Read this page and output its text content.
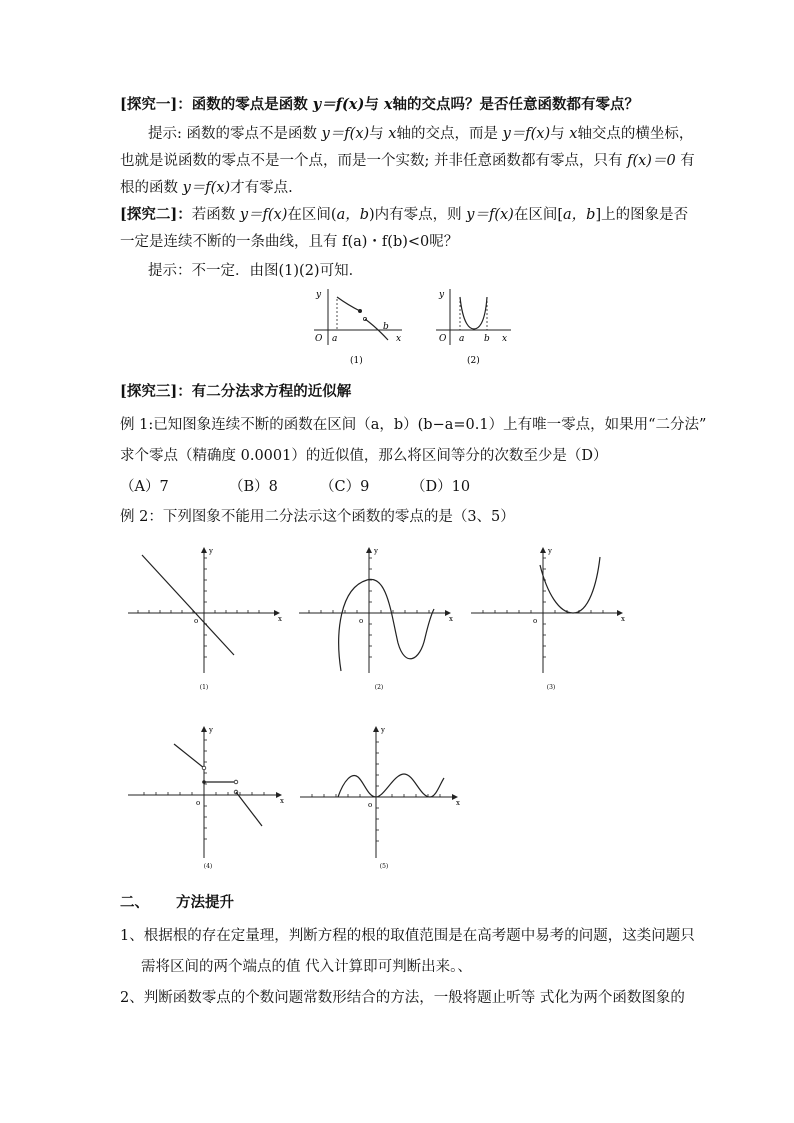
[探究一]：函数的零点是函数 y＝f(x)与 x轴的交点吗？是否任意函数都有零点？
提示: 函数的零点不是函数 y＝f(x)与 x轴的交点，而是 y＝f(x)与 x轴交点的横坐标，
也就是说函数的零点不是一个点，而是一个实数; 并非任意函数都有零点，只有 f(x)＝0 有
根的函数 y＝f(x)才有零点.
[探究二]：若函数 y＝f(x)在区间(a，b)内有零点，则 y＝f(x)在区间[a，b]上的图象是否
一定是连续不断的一条曲线，且有 f(a)・f(b)<0呢？
提示：不一定．由图(1)(2)可知．
y
O a
b
x
(1)
y
O a b x
(2)
[探究三]：有二分法求方程的近似解
例 1:已知图象连续不断的函数在区间（a，b）(b−a=0.1）上有唯一零点，如果用“二分法”
求个零点（精确度 0.0001）的近似值，那么将区间等分的次数至少是（D）
（A）7	（B）8	（C）9	（D）10
例 2：下列图象不能用二分法示这个函数的零点的是（3、5）
y
x
o
(1)
y
x
o
(2)
y
x
o
(3)
y
x
o
(4)
y
x
o
(5)
二、 方法提升
1、根据根的存在定量理，判断方程的根的取值范围是在高考题中易考的问题，这类问题只
需将区间的两个端点的值 代入计算即可判断出来。、
2、判断函数零点的个数问题常数形结合的方法，一般将题止听等 式化为两个函数图象的
